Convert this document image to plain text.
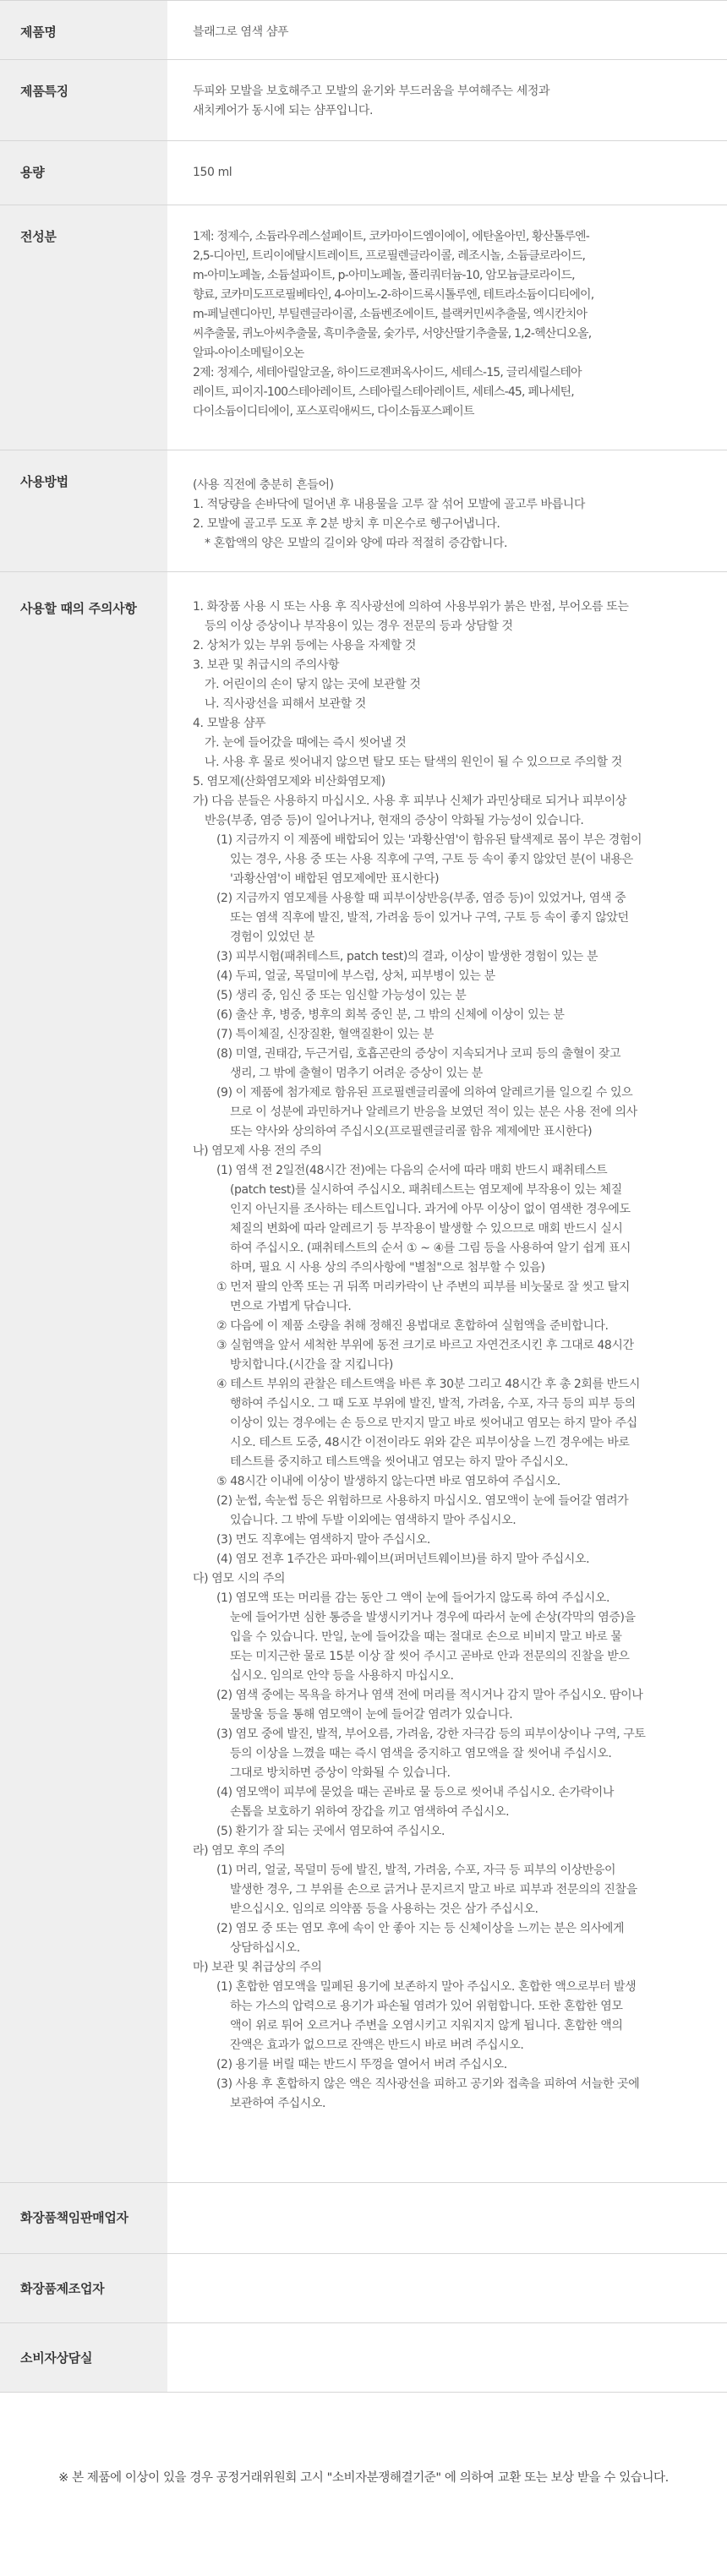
제품명	블래그로 염색 샴푸
제품특징	두피와 모발을 보호해주고 모발의 윤기와 부드러움을 부여해주는 세정과
새치케어가 동시에 되는 샴푸입니다.
용량	150 ml
전성분	1제: 정제수, 소듐라우레스설페이트, 코카마이드엠이에이, 에탄올아민, 황산톨루엔-
2,5-디아민, 트리이에탈시트레이트, 프로필렌글라이콜, 레조시놀, 소듐클로라이드,
m-아미노페놀, 소듐설파이트, p-아미노페놀, 폴리쿼터늄-10, 암모늄클로라이드,
향료, 코카미도프로필베타인, 4-아미노-2-하이드록시톨루엔, 테트라소듐이디티에이,
m-페닐렌디아민, 부틸렌글라이콜, 소듐벤조에이트, 블랙커민씨추출물, 엑시칸치아
씨추출물, 퀴노아씨추출물, 흑미추출물, 숯가루, 서양산딸기추출물, 1,2-헥산디오올,
알파-아이소메틸이오논
2제: 정제수, 세테아릴알코올, 하이드로젠퍼옥사이드, 세테스-15, 글리세릴스테아
레이트, 피이지-100스테아레이트, 스테아릴스테아레이트, 세테스-45, 페나세틴,
다이소듐이디티에이, 포스포릭애씨드, 다이소듐포스페이트
사용방법	(사용 직전에 충분히 흔들어)
1. 적당량을 손바닥에 덜어낸 후 내용물을 고루 잘 섞어 모발에 골고루 바릅니다
2. 모발에 골고루 도포 후 2분 방치 후 미온수로 헹구어냅니다.
* 혼합액의 양은 모발의 길이와 양에 따라 적절히 증감합니다.
사용할 때의 주의사항	1. 화장품 사용 시 또는 사용 후 직사광선에 의하여 사용부위가 붉은 반점, 부어오름 또는
등의 이상 증상이나 부작용이 있는 경우 전문의 등과 상담할 것
2. 상처가 있는 부위 등에는 사용을 자제할 것
3. 보관 및 취급시의 주의사항
가. 어린이의 손이 닿지 않는 곳에 보관할 것
나. 직사광선을 피해서 보관할 것
4. 모발용 샴푸
가. 눈에 들어갔을 때에는 즉시 씻어낼 것
나. 사용 후 물로 씻어내지 않으면 탈모 또는 탈색의 원인이 될 수 있으므로 주의할 것
5. 염모제(산화염모제와 비산화염모제)
가) 다음 분들은 사용하지 마십시오. 사용 후 피부나 신체가 과민상태로 되거나 피부이상
반응(부종, 염증 등)이 일어나거나, 현재의 증상이 악화될 가능성이 있습니다.
(1) 지금까지 이 제품에 배합되어 있는 '과황산염'이 함유된 탈색제로 몸이 부은 경험이
있는 경우, 사용 중 또는 사용 직후에 구역, 구토 등 속이 좋지 않았던 분(이 내용은
'과황산염'이 배합된 염모제에만 표시한다)
(2) 지금까지 염모제를 사용할 때 피부이상반응(부종, 염증 등)이 있었거나, 염색 중
또는 염색 직후에 발진, 발적, 가려움 등이 있거나 구역, 구토 등 속이 좋지 않았던
경험이 있었던 분
(3) 피부시험(패취테스트, patch test)의 결과, 이상이 발생한 경험이 있는 분
(4) 두피, 얼굴, 목덜미에 부스럼, 상처, 피부병이 있는 분
(5) 생리 중, 임신 중 또는 임신할 가능성이 있는 분
(6) 출산 후, 병중, 병후의 회복 중인 분, 그 밖의 신체에 이상이 있는 분
(7) 특이체질, 신장질환, 혈액질환이 있는 분
(8) 미열, 권태감, 두근거림, 호흡곤란의 증상이 지속되거나 코피 등의 출혈이 잦고
생리, 그 밖에 출혈이 멈추기 어려운 증상이 있는 분
(9) 이 제품에 첨가제로 함유된 프로필렌글리콜에 의하여 알레르기를 일으킬 수 있으
므로 이 성분에 과민하거나 알레르기 반응을 보였던 적이 있는 분은 사용 전에 의사
또는 약사와 상의하여 주십시오(프로필렌글리콜 함유 제제에만 표시한다)
나) 염모제 사용 전의 주의
(1) 염색 전 2일전(48시간 전)에는 다음의 순서에 따라 매회 반드시 패취테스트
(patch test)를 실시하여 주십시오. 패취테스트는 염모제에 부작용이 있는 체질
인지 아닌지를 조사하는 테스트입니다. 과거에 아무 이상이 없이 염색한 경우에도
체질의 변화에 따라 알레르기 등 부작용이 발생할 수 있으므로 매회 반드시 실시
하여 주십시오. (패취테스트의 순서 ① ~ ④를 그림 등을 사용하여 알기 쉽게 표시
하며, 필요 시 사용 상의 주의사항에 "별첨"으로 첨부할 수 있음)
① 먼저 팔의 안쪽 또는 귀 뒤쪽 머리카락이 난 주변의 피부를 비눗물로 잘 씻고 탈지
면으로 가볍게 닦습니다.
② 다음에 이 제품 소량을 취해 정해진 용법대로 혼합하여 실험액을 준비합니다.
③ 실험액을 앞서 세척한 부위에 동전 크기로 바르고 자연건조시킨 후 그대로 48시간
방치합니다.(시간을 잘 지킵니다)
④ 테스트 부위의 관찰은 테스트액을 바른 후 30분 그리고 48시간 후 총 2회를 반드시
행하여 주십시오. 그 때 도포 부위에 발진, 발적, 가려움, 수포, 자극 등의 피부 등의
이상이 있는 경우에는 손 등으로 만지지 말고 바로 씻어내고 염모는 하지 말아 주십
시오. 테스트 도중, 48시간 이전이라도 위와 같은 피부이상을 느낀 경우에는 바로
테스트를 중지하고 테스트액을 씻어내고 염모는 하지 말아 주십시오.
⑤ 48시간 이내에 이상이 발생하지 않는다면 바로 염모하여 주십시오.
(2) 눈썹, 속눈썹 등은 위험하므로 사용하지 마십시오. 염모액이 눈에 들어갈 염려가
있습니다. 그 밖에 두발 이외에는 염색하지 말아 주십시오.
(3) 면도 직후에는 염색하지 말아 주십시오.
(4) 염모 전후 1주간은 파마·웨이브(퍼머넌트웨이브)를 하지 말아 주십시오.
다) 염모 시의 주의
(1) 염모액 또는 머리를 감는 동안 그 액이 눈에 들어가지 않도록 하여 주십시오.
눈에 들어가면 심한 통증을 발생시키거나 경우에 따라서 눈에 손상(각막의 염증)을
입을 수 있습니다. 만일, 눈에 들어갔을 때는 절대로 손으로 비비지 말고 바로 물
또는 미지근한 물로 15분 이상 잘 씻어 주시고 곧바로 안과 전문의의 진찰을 받으
십시오. 임의로 안약 등을 사용하지 마십시오.
(2) 염색 중에는 목욕을 하거나 염색 전에 머리를 적시거나 감지 말아 주십시오. 땀이나
물방울 등을 통해 염모액이 눈에 들어갈 염려가 있습니다.
(3) 염모 중에 발진, 발적, 부어오름, 가려움, 강한 자극감 등의 피부이상이나 구역, 구토
등의 이상을 느꼈을 때는 즉시 염색을 중지하고 염모액을 잘 씻어내 주십시오.
그대로 방치하면 증상이 악화될 수 있습니다.
(4) 염모액이 피부에 묻었을 때는 곧바로 물 등으로 씻어내 주십시오. 손가락이나
손톱을 보호하기 위하여 장갑을 끼고 염색하여 주십시오.
(5) 환기가 잘 되는 곳에서 염모하여 주십시오.
라) 염모 후의 주의
(1) 머리, 얼굴, 목덜미 등에 발진, 발적, 가려움, 수포, 자극 등 피부의 이상반응이
발생한 경우, 그 부위를 손으로 긁거나 문지르지 말고 바로 피부과 전문의의 진찰을
받으십시오. 임의로 의약품 등을 사용하는 것은 삼가 주십시오.
(2) 염모 중 또는 염모 후에 속이 안 좋아 지는 등 신체이상을 느끼는 분은 의사에게
상담하십시오.
마) 보관 및 취급상의 주의
(1) 혼합한 염모액을 밀폐된 용기에 보존하지 말아 주십시오. 혼합한 액으로부터 발생
하는 가스의 압력으로 용기가 파손될 염려가 있어 위험합니다. 또한 혼합한 염모
액이 위로 튀어 오르거나 주변을 오염시키고 지워지지 않게 됩니다. 혼합한 액의
잔액은 효과가 없으므로 잔액은 반드시 바로 버려 주십시오.
(2) 용기를 버릴 때는 반드시 뚜껑을 열어서 버려 주십시오.
(3) 사용 후 혼합하지 않은 액은 직사광선을 피하고 공기와 접촉을 피하여 서늘한 곳에
보관하여 주십시오.
화장품책임판매업자
화장품제조업자
소비자상담실
※ 본 제품에 이상이 있을 경우 공정거래위원회 고시 "소비자분쟁해결기준" 에 의하여 교환 또는 보상 받을 수 있습니다.
